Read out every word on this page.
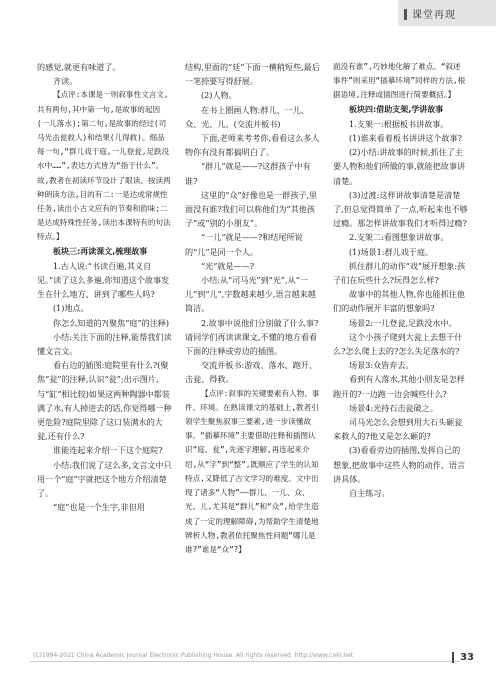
课堂再现

的感觉,就更有味道了。

齐读。

【点评:本课是一则叙事性文言文,共有两句,其中第一句,是故事的起因(一儿落水);第二句,是故事的经过(司马光击瓮救人)和结果(儿得救)。细品每一句,“群儿戏于庭,一儿登瓮,足跌没水中……”,表达方式皆为“指于什么”。故,教者在初读环节设计了眼读、按读两种朗读方法,目的有二:一是达成常规性任务,读出小古文应有的节奏和韵味;二是达成特殊性任务,读出本课特有的句法特点。】

板块三:再读课文,梳理故事

1.古人说:“书读百遍,其义自见。”读了这么多遍,你知道这个故事发生在什么地方、讲到了哪些人吗?

(1)地点。

你怎么知道的?(聚焦“庭”的注释)

小结:关注下面的注释,能帮我们读懂文言文。

看右边的插图:庭院里有什么?(聚焦“瓮”的注释,认识“瓮”;出示图片,与“缸”相比较)如果这两种陶器中都装满了水,有人掉进去的话,你觉得哪一种更危险?庭院里除了这口装满水的大瓮,还有什么?

谁能连起来介绍一下这个庭院?

小结:我们说了这么多,文言文中只用一个“庭”字就把这个地方介绍清楚了。

“庭”也是一个生字,非但用

结构,里面的“廷”下面一横稍短些,最后一笔捺要写得舒展。

(2)人物。

在书上圈画人物:群儿、一儿、众、光、儿。(交流并板书)

下面,老师来考考你,看看这么多人物你有没有都搞明白了。

“群儿”就是——?这群孩子中有谁?

这里的“众”好像也是一群孩子,里面没有谁?我们可以称他们为“其他孩子”或“别的小朋友”。

“一儿”就是——?和结尾所说的“儿”是同一个人。

“光”就是——?

小结:从“司马光”到“光”,从“一儿”到“儿”,字数越来越少,语言越来越简洁。

2.故事中说他们分别做了什么事?请同学们再读读课文,不懂的地方看看下面的注释或旁边的插图。

交流并板书:游戏、落水、跑开、击瓮、得救。

【点评:叙事的关键要素有人物、事件、环境。在熟读课文的基础上,教者引领学生聚焦叙事三要素,进一步读懂故事。“插摹环境”主要借助注释和插图认识“庭、瓮”,先逐字理解,再连起来介绍,从“字”到“整”,既顺应了学生的认知特点,又降低了古文学习的难度。文中出现了诸多“人物”——群儿、一儿、众、光、儿,尤其是“群儿”和“众”,给学生造成了一定的理解障碍,为帮助学生清楚地辨析人物,教者依托聚焦性问题“哪儿是谁?”谁是“众”?】

面没有谁”,巧妙地化解了难点。“叙述事件”则采用“插摹环境”同样的方法,根据语境,注释或插图进行简要概括。】

板块四:借助支架,学讲故事

1.支架一:根据板书讲故事。

(1)谁来看着板书讲讲这个故事?

(2)小结:讲故事的时候,抓住了主要人物和他们所做的事,就能把故事讲清楚。

(3)过渡:这样讲故事清楚是清楚了,但总觉得简单了一点,听起来也不够过瘾。那怎样讲故事我们才听得过瘾?

2.支架二:看图想象讲故事。

(1)场景1:群儿戏于庭。

抓住群儿的动作“戏”展开想象:孩子们在玩些什么?玩得怎么样?

故事中的其他人物,你也能抓住他们的动作展开丰富的想象吗?

场景2:一儿登瓮,足跌没水中。

这个小孩子爬到大瓮上去想干什么?怎么爬上去的?怎么失足落水的?

场景3:众皆弃去。

看到有人落水,其他小朋友是怎样跑开的?一边跑一边会喊些什么?

场景4:光持石击瓮破之。

司马光怎么会想到用大石头砸瓮来救人的?他又是怎么砸的?

(3)看看旁边的插图,发挥自己的想象,把故事中这些人物的动作、语言讲具体。

自主练习。

(C)1994-2021 China Academic Journal Electronic Publishing House. All rights reserved. http://www.cnki.net	33
